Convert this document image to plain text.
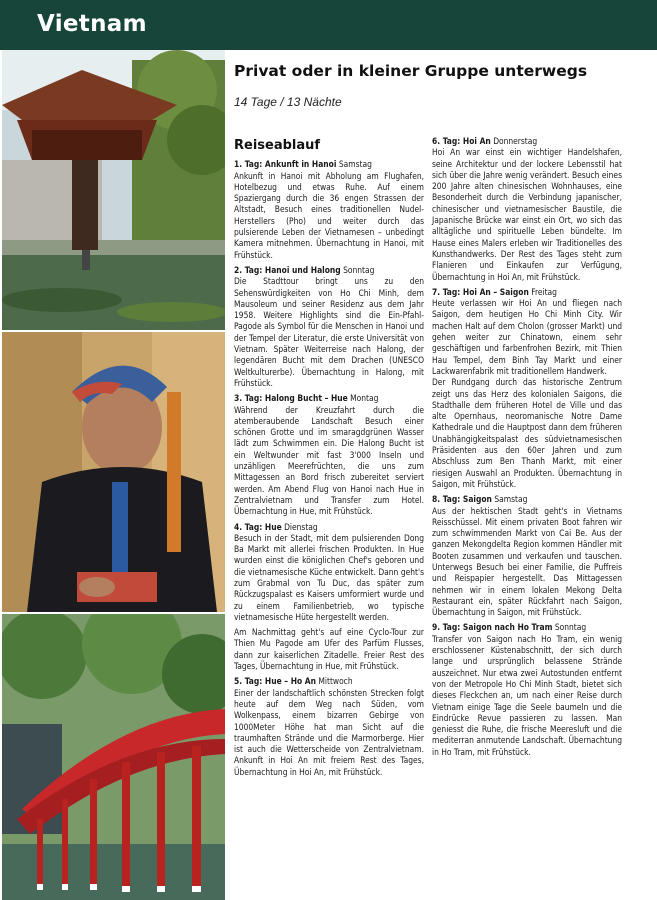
Vietnam
Privat oder in kleiner Gruppe unterwegs

14 Tage / 13 Nächte

Reiseablauf

1. Tag: Ankunft in Hanoi Samstag

Ankunft in Hanoi mit Abholung am Flughafen, Hotelbezug und etwas Ruhe. Auf einem Spaziergang durch die 36 engen Strassen der Altstadt, Besuch eines traditionellen Nudel-Herstellers (Pho) und weiter durch das pulsierende Leben der Vietnamesen – unbedingt Kamera mitnehmen. Übernachtung in Hanoi, mit Frühstück.

2. Tag: Hanoi und Halong Sonntag

Die Stadttour bringt uns zu den Sehenswürdigkeiten von Ho Chi Minh, dem Mausoleum und seiner Residenz aus dem Jahr 1958. Weitere Highlights sind die Ein-Pfahl-Pagode als Symbol für die Menschen in Hanoi und der Tempel der Literatur, die erste Universität von Vietnam. Später Weiterreise nach Halong, der legendären Bucht mit dem Drachen (UNESCO Weltkulturerbe). Übernachtung in Halong, mit Frühstück.

3. Tag: Halong Bucht – Hue Montag

Während der Kreuzfahrt durch die atemberaubende Landschaft Besuch einer schönen Grotte und im smaragdgrünen Wasser lädt zum Schwimmen ein. Die Halong Bucht ist ein Weltwunder mit fast 3'000 Inseln und unzähligen Meerefrüchten, die uns zum Mittagessen an Bord frisch zubereitet serviert werden. Am Abend Flug von Hanoi nach Hue in Zentralvietnam und Transfer zum Hotel. Übernachtung in Hue, mit Frühstück.

4. Tag: Hue Dienstag

Besuch in der Stadt, mit dem pulsierenden Dong Ba Markt mit allerlei frischen Produkten. In Hue wurden einst die königlichen Chef's geboren und die vietnamesische Küche entwickelt. Dann geht's zum Grabmal von Tu Duc, das später zum Rückzugspalast es Kaisers umformiert wurde und zu einem Familienbetrieb, wo typische vietnamesische Hüte hergestellt werden.

Am Nachmittag geht's auf eine Cyclo-Tour zur Thien Mu Pagode am Ufer des Parfüm Flusses, dann zur kaiserlichen Zitadelle. Freier Rest des Tages, Übernachtung in Hue, mit Frühstück.

5. Tag: Hue – Ho An Mittwoch

Einer der landschaftlich schönsten Strecken folgt heute auf dem Weg nach Süden, vom Wolkenpass, einem bizarren Gebirge von 1000Meter Höhe hat man Sicht auf die traumhaften Strände und die Marmorberge. Hier ist auch die Wetterscheide von Zentralvietnam. Ankunft in Hoi An mit freiem Rest des Tages, Übernachtung in Hoi An, mit Frühstück.

6. Tag: Hoi An Donnerstag

Hoi An war einst ein wichtiger Handelshafen, seine Architektur und der lockere Lebensstil hat sich über die Jahre wenig verändert. Besuch eines 200 Jahre alten chinesischen Wohnhauses, eine Besonderheit durch die Verbindung japanischer, chinesischer und vietnamesischer Baustile, die Japanische Brücke war einst ein Ort, wo sich das alltägliche und spirituelle Leben bündelte. Im Hause eines Malers erleben wir Traditionelles des Kunsthandwerks. Der Rest des Tages steht zum Flanieren und Einkaufen zur Verfügung, Übernachtung in Hoi An, mit Frühstück.

7. Tag: Hoi An – Saigon Freitag

Heute verlassen wir Hoi An und fliegen nach Saigon, dem heutigen Ho Chi Minh City. Wir machen Halt auf dem Cholon (grosser Markt) und gehen weiter zur Chinatown, einem sehr geschäftigen und farbenfrohen Bezirk, mit Thien Hau Tempel, dem Binh Tay Markt und einer Lackwarenfabrik mit traditionellem Handwerk.

Der Rundgang durch das historische Zentrum zeigt uns das Herz des kolonialen Saigons, die Stadthalle dem früheren Hotel de Ville und das alte Opernhaus, neoromanische Notre Dame Kathedrale und die Hauptpost dann dem früheren Unabhängigkeitspalast des südvietnamesischen Präsidenten aus den 60er Jahren und zum Abschluss zum Ben Thanh Markt, mit einer riesigen Auswahl an Produkten. Übernachtung in Saigon, mit Frühstück.

8. Tag: Saigon Samstag

Aus der hektischen Stadt geht's in Vietnams Reisschüssel. Mit einem privaten Boot fahren wir zum schwimmenden Markt von Cai Be. Aus der ganzen Mekongdelta Region kommen Händler mit Booten zusammen und verkaufen und tauschen. Unterwegs Besuch bei einer Familie, die Puffreis und Reispapier hergestellt. Das Mittagessen nehmen wir in einem lokalen Mekong Delta Restaurant ein, später Rückfahrt nach Saigon, Übernachtung in Saigon, mit Frühstück.

9. Tag: Saigon nach Ho Tram Sonntag

Transfer von Saigon nach Ho Tram, ein wenig erschlossener Küstenabschnitt, der sich durch lange und ursprünglich belassene Strände auszeichnet. Nur etwa zwei Autostunden entfernt von der Metropole Ho Chi Minh Stadt, bietet sich dieses Fleckchen an, um nach einer Reise durch Vietnam einige Tage die Seele baumeln und die Eindrücke Revue passieren zu lassen. Man geniesst die Ruhe, die frische Meeresluft und die mediterran anmutende Landschaft. Übernachtung in Ho Tram, mit Frühstück.
